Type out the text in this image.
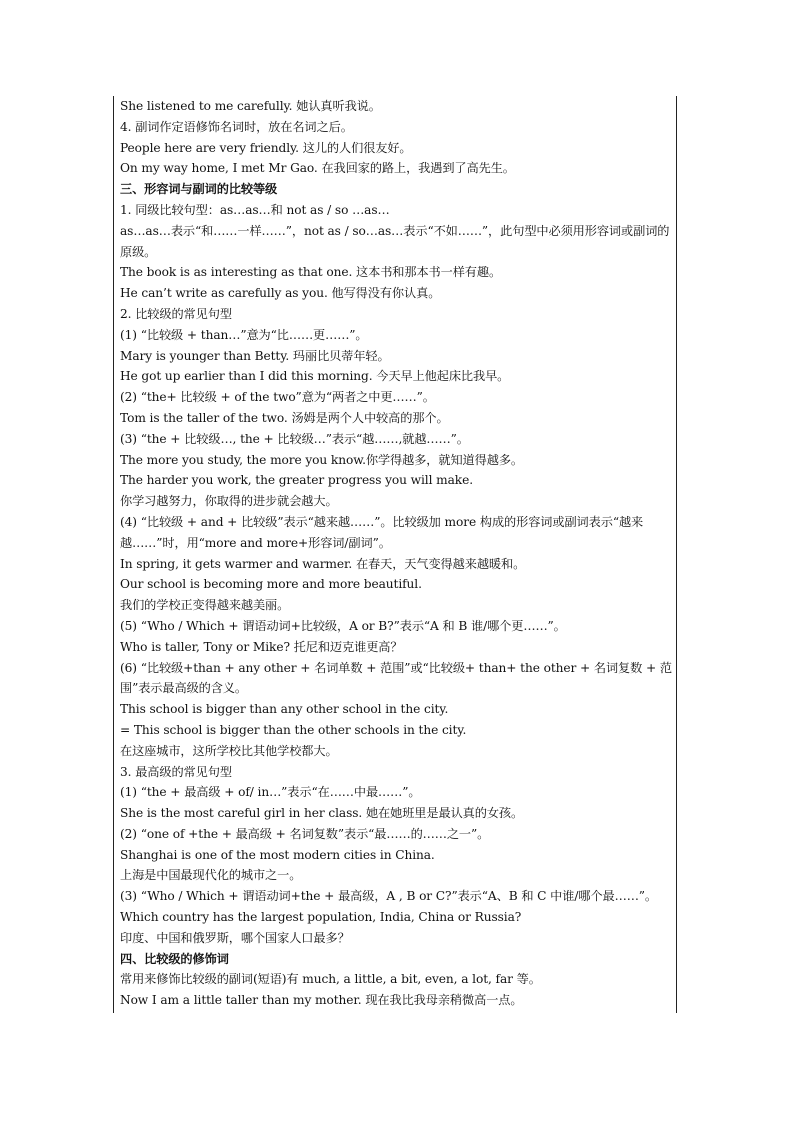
She listened to me carefully. 她认真听我说。
4. 副词作定语修饰名词时，放在名词之后。
People here are very friendly. 这儿的人们很友好。
On my way home, I met Mr Gao. 在我回家的路上，我遇到了高先生。
三、形容词与副词的比较等级
1. 同级比较句型：as…as…和 not as / so …as…
as…as…表示“和……一样……”，not as / so…as…表示“不如……”，此句型中必须用形容词或副词的原级。
The book is as interesting as that one. 这本书和那本书一样有趣。
He can’t write as carefully as you. 他写得没有你认真。
2. 比较级的常见句型
(1) “比较级 + than…”意为“比……更……”。
Mary is younger than Betty. 玛丽比贝蒂年轻。
He got up earlier than I did this morning. 今天早上他起床比我早。
(2) “the+ 比较级 + of the two”意为“两者之中更……”。
Tom is the taller of the two. 汤姆是两个人中较高的那个。
(3) “the + 比较级…, the + 比较级…”表示“越……,就越……”。
The more you study, the more you know.你学得越多，就知道得越多。
The harder you work, the greater progress you will make.
你学习越努力，你取得的进步就会越大。
(4) “比较级 + and + 比较级”表示“越来越……”。比较级加 more 构成的形容词或副词表示“越来越……”时，用“more and more+形容词/副词”。
In spring, it gets warmer and warmer. 在春天，天气变得越来越暖和。
Our school is becoming more and more beautiful.
我们的学校正变得越来越美丽。
(5) “Who / Which + 谓语动词+比较级，A or B?”表示“A 和 B 谁/哪个更……”。
Who is taller, Tony or Mike? 托尼和迈克谁更高？
(6) “比较级+than + any other + 名词单数 + 范围”或“比较级+ than+ the other + 名词复数 + 范围”表示最高级的含义。
This school is bigger than any other school in the city.
= This school is bigger than the other schools in the city.
在这座城市，这所学校比其他学校都大。
3. 最高级的常见句型
(1) “the + 最高级 + of/ in…”表示“在……中最……”。
She is the most careful girl in her class. 她在她班里是最认真的女孩。
(2) “one of +the + 最高级 + 名词复数”表示“最……的……之一”。
Shanghai is one of the most modern cities in China.
上海是中国最现代化的城市之一。
(3) “Who / Which + 谓语动词+the + 最高级，A , B or C?”表示“A、B 和 C 中谁/哪个最……”。
Which country has the largest population, India, China or Russia?
印度、中国和俄罗斯，哪个国家人口最多？
四、比较级的修饰词
常用来修饰比较级的副词(短语)有 much, a little, a bit, even, a lot, far 等。
Now I am a little taller than my mother. 现在我比我母亲稍微高一点。
